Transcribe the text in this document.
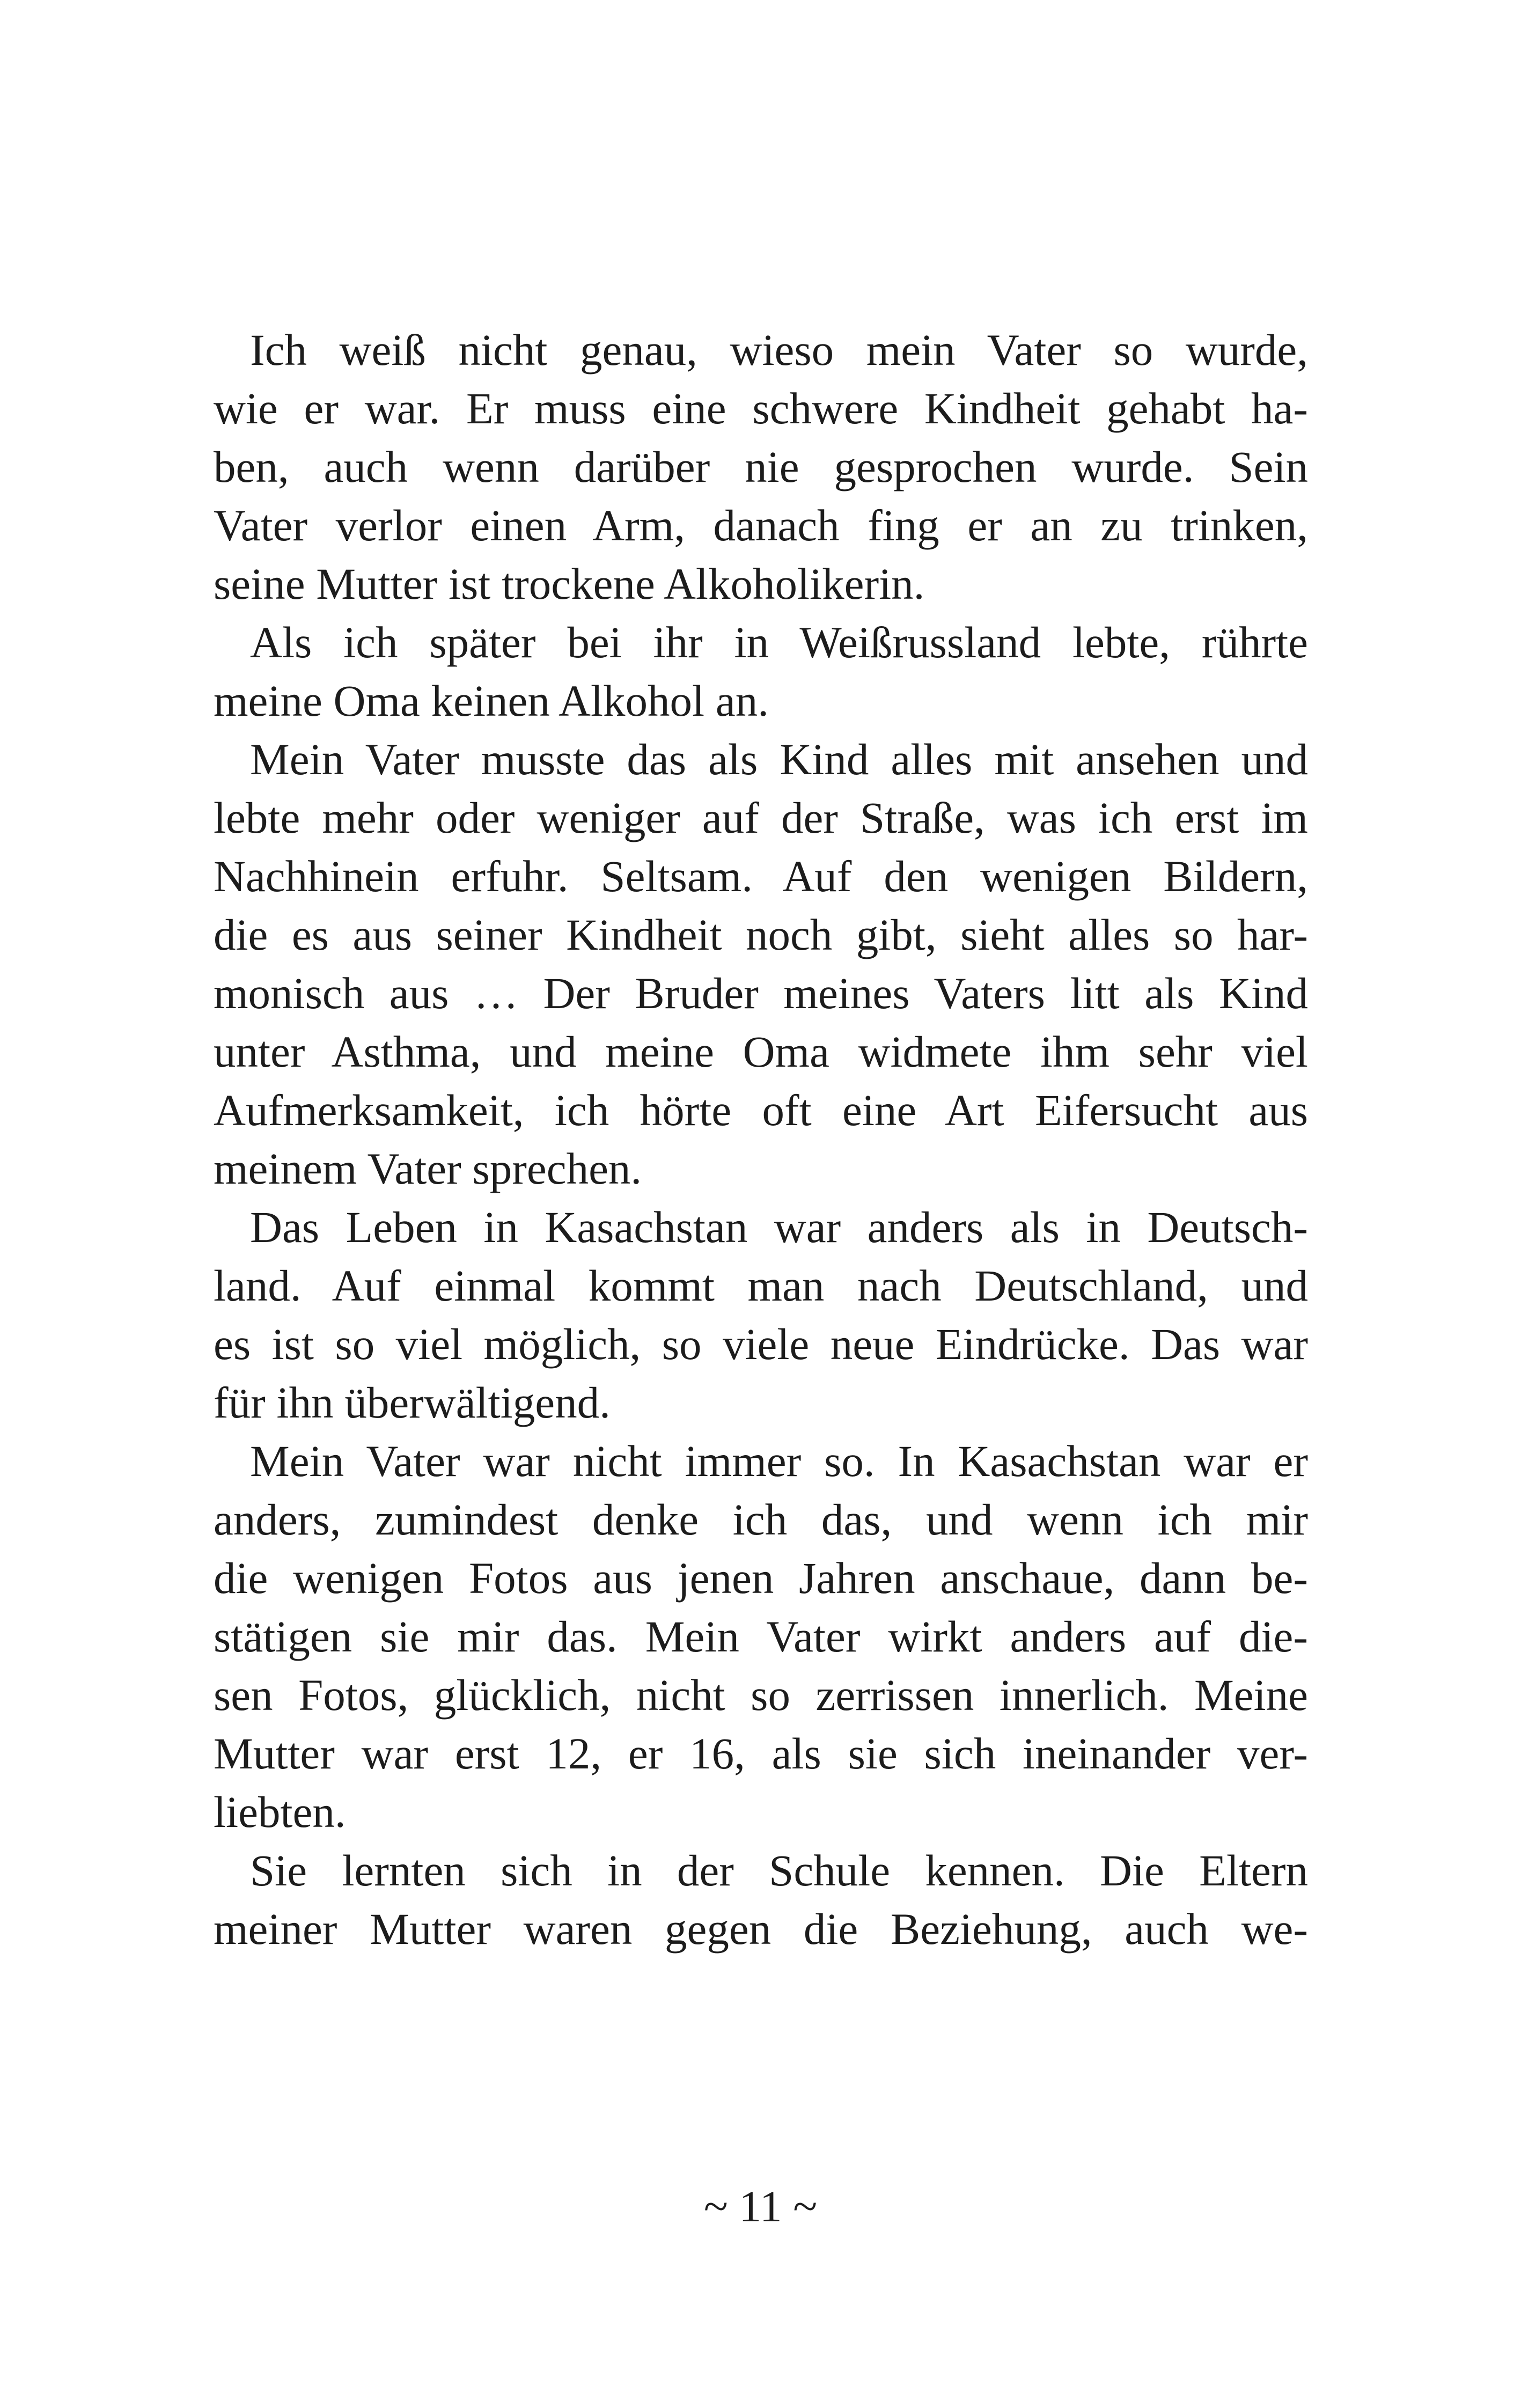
Ich weiß nicht genau, wieso mein Vater so wurde,
wie er war. Er muss eine schwere Kindheit gehabt ha-
ben, auch wenn darüber nie gesprochen wurde. Sein
Vater verlor einen Arm, danach fing er an zu trinken,
seine Mutter ist trockene Alkoholikerin.
Als ich später bei ihr in Weißrussland lebte, rührte
meine Oma keinen Alkohol an.
Mein Vater musste das als Kind alles mit ansehen und
lebte mehr oder weniger auf der Straße, was ich erst im
Nachhinein erfuhr. Seltsam. Auf den wenigen Bildern,
die es aus seiner Kindheit noch gibt, sieht alles so har-
monisch aus … Der Bruder meines Vaters litt als Kind
unter Asthma, und meine Oma widmete ihm sehr viel
Aufmerksamkeit, ich hörte oft eine Art Eifersucht aus
meinem Vater sprechen.
Das Leben in Kasachstan war anders als in Deutsch-
land. Auf einmal kommt man nach Deutschland, und
es ist so viel möglich, so viele neue Eindrücke. Das war
für ihn überwältigend.
Mein Vater war nicht immer so. In Kasachstan war er
anders, zumindest denke ich das, und wenn ich mir
die wenigen Fotos aus jenen Jahren anschaue, dann be-
stätigen sie mir das. Mein Vater wirkt anders auf die-
sen Fotos, glücklich, nicht so zerrissen innerlich. Meine
Mutter war erst 12, er 16, als sie sich ineinander ver-
liebten.
Sie lernten sich in der Schule kennen. Die Eltern
meiner Mutter waren gegen die Beziehung, auch we-
~ 11 ~
